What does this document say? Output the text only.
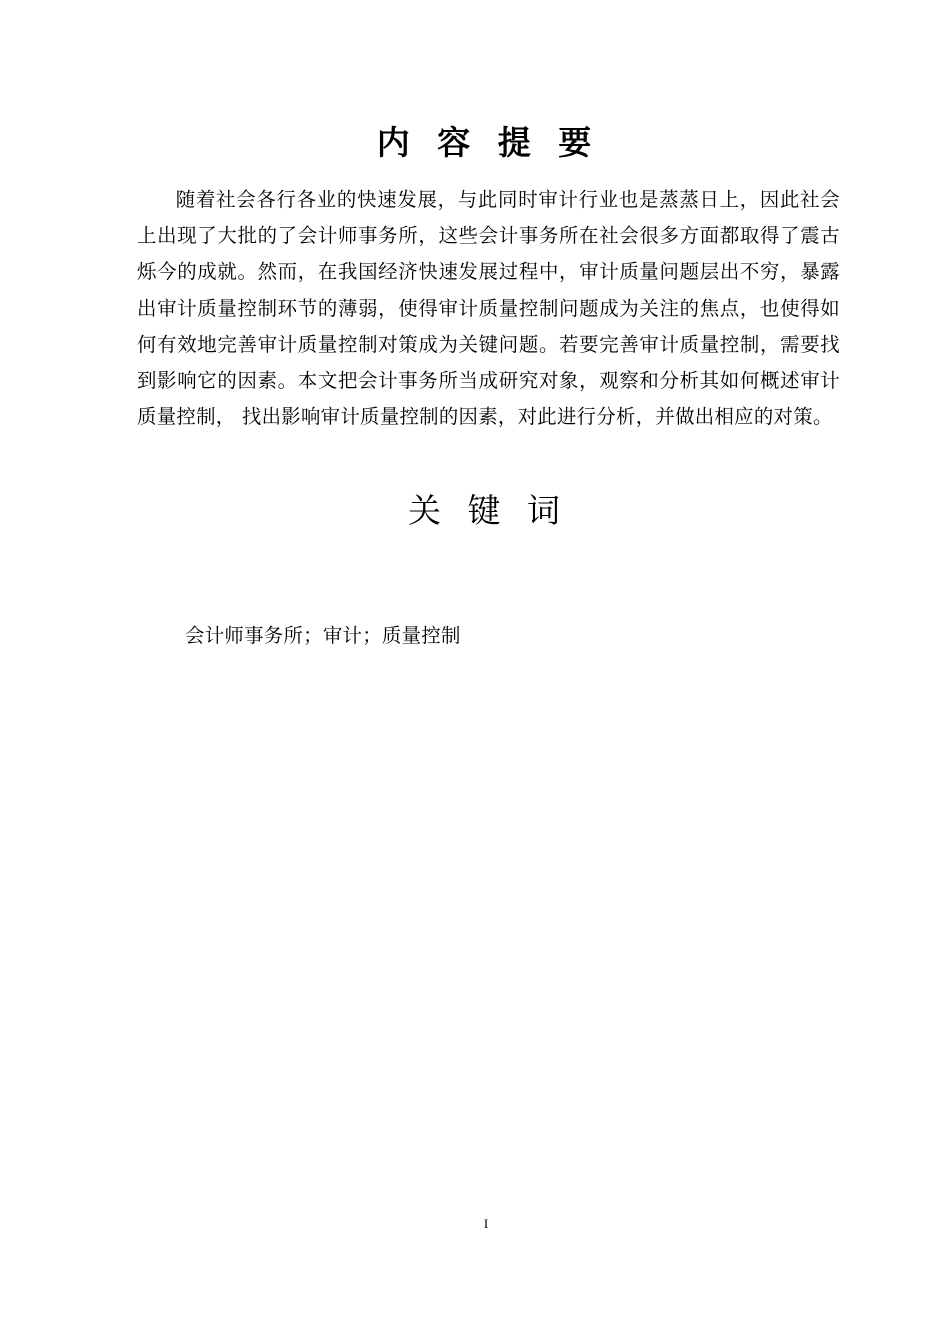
内 容 提 要

随着社会各行各业的快速发展，与此同时审计行业也是蒸蒸日上，因此社会上出现了大批的了会计师事务所，这些会计事务所在社会很多方面都取得了震古烁今的成就。然而，在我国经济快速发展过程中，审计质量问题层出不穷，暴露出审计质量控制环节的薄弱，使得审计质量控制问题成为关注的焦点，也使得如何有效地完善审计质量控制对策成为关键问题。若要完善审计质量控制，需要找到影响它的因素。本文把会计事务所当成研究对象，观察和分析其如何概述审计质量控制， 找出影响审计质量控制的因素，对此进行分析，并做出相应的对策。

关 键 词
会计师事务所；审计；质量控制
I
